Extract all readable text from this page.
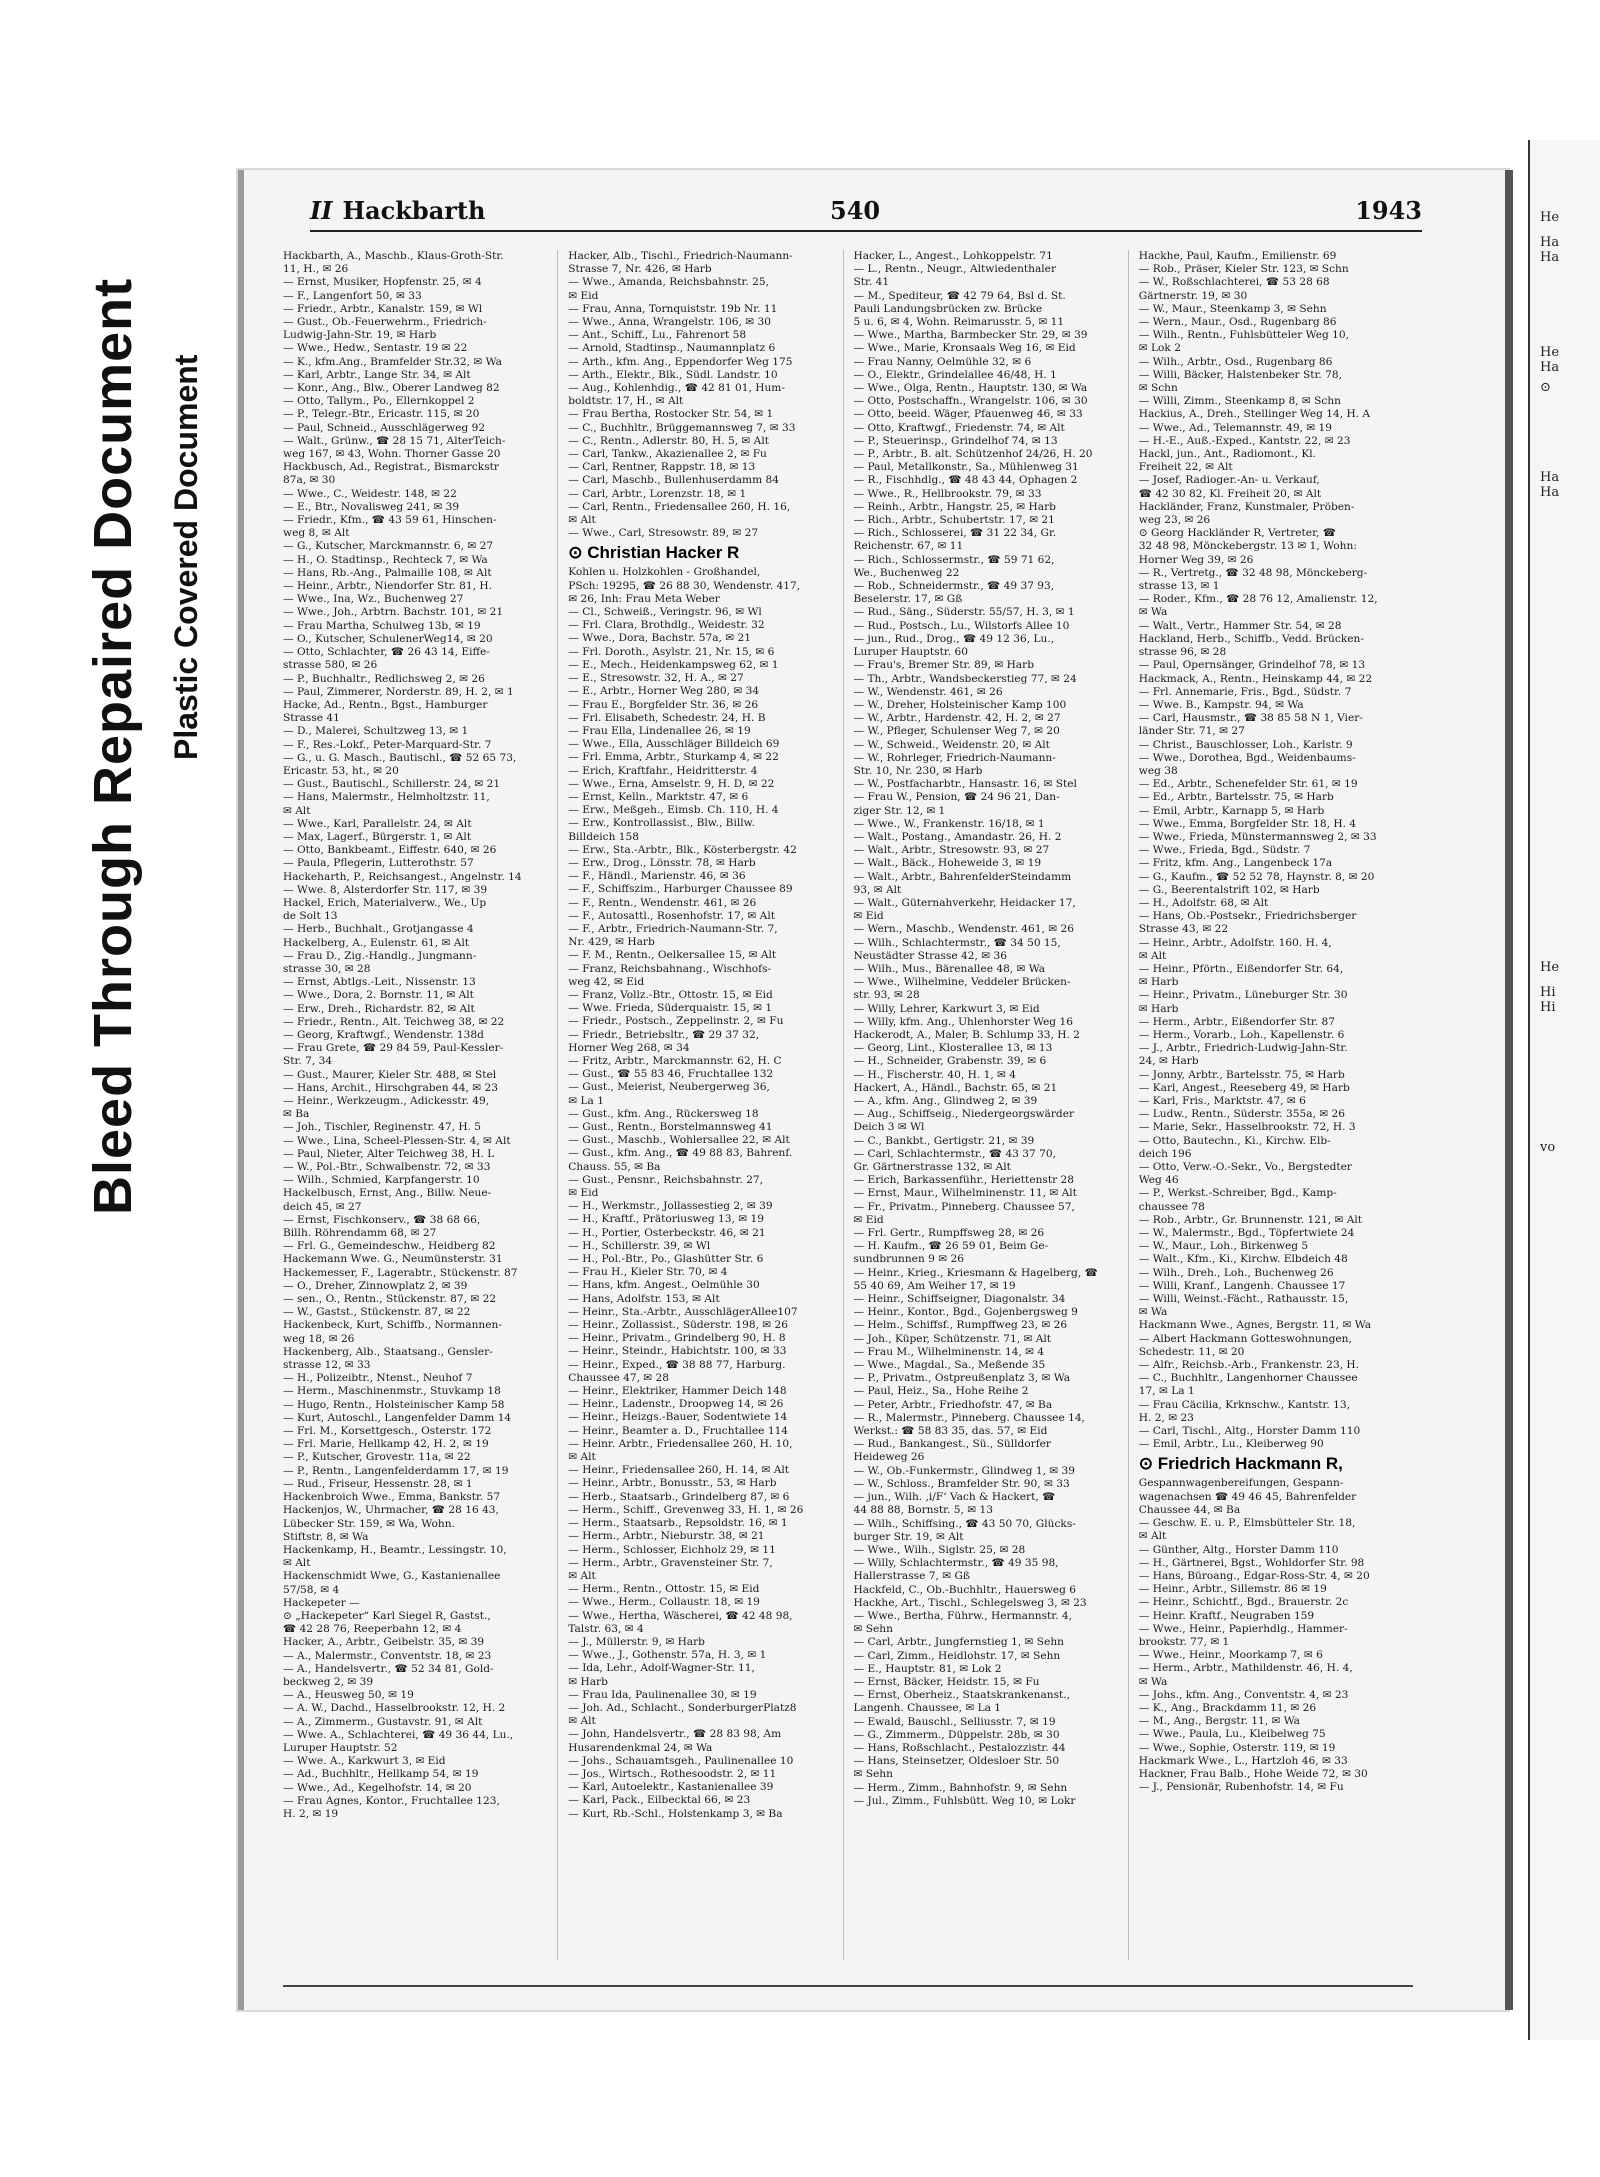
Bleed Through Repaired Document Plastic Covered Document
He
Ha
Ha
He
Ha
⊙
Ha
Ha
He
Hi
Hi
vo
II Hackbarth	540	1943
Hackbarth, A., Maschb., Klaus-Groth-Str.
11, H., ✉ 26
— Ernst, Musiker, Hopfenstr. 25, ✉ 4
— F., Langenfort 50, ✉ 33
— Friedr., Arbtr., Kanalstr. 159, ✉ Wl
— Gust., Ob.-Feuerwehrm., Friedrich-
Ludwig-Jahn-Str. 19, ✉ Harb
— Wwe., Hedw., Sentastr. 19 ✉ 22
— K., kfm.Ang., Bramfelder Str.32, ✉ Wa
— Karl, Arbtr., Lange Str. 34, ✉ Alt
— Konr., Ang., Blw., Oberer Landweg 82
— Otto, Tallym., Po., Ellernkoppel 2
— P., Telegr.-Btr., Ericastr. 115, ✉ 20
— Paul, Schneid., Ausschlägerweg 92
— Walt., Grünw., ☎ 28 15 71, AlterTeich-
weg 167, ✉ 43, Wohn. Thorner Gasse 20
Hackbusch, Ad., Registrat., Bismarckstr
87a, ✉ 30
— Wwe., C., Weidestr. 148, ✉ 22
— E., Btr., Novalisweg 241, ✉ 39
— Friedr., Kfm., ☎ 43 59 61, Hinschen-
weg 8, ✉ Alt
— G., Kutscher, Marckmannstr. 6, ✉ 27
— H., O. Stadtinsp., Rechteck 7, ✉ Wa
— Hans, Rb.-Ang., Palmaille 108, ✉ Alt
— Heinr., Arbtr., Niendorfer Str. 81, H.
— Wwe., Ina, Wz., Buchenweg 27
— Wwe., Joh., Arbtrn. Bachstr. 101, ✉ 21
— Frau Martha, Schulweg 13b, ✉ 19
— O., Kutscher, SchulenerWeg14, ✉ 20
— Otto, Schlachter, ☎ 26 43 14, Eiffe-
strasse 580, ✉ 26
— P., Buchhaltr., Redlichsweg 2, ✉ 26
— Paul, Zimmerer, Norderstr. 89, H. 2, ✉ 1
Hacke, Ad., Rentn., Bgst., Hamburger
Strasse 41
— D., Malerei, Schultzweg 13, ✉ 1
— F., Res.-Lokf., Peter-Marquard-Str. 7
— G., u. G. Masch., Bautischl., ☎ 52 65 73,
Ericastr. 53, ht., ✉ 20
— Gust., Bautischl., Schillerstr. 24, ✉ 21
— Hans, Malermstr., Helmholtzstr. 11,
✉ Alt
— Wwe., Karl, Parallelstr. 24, ✉ Alt
— Max, Lagerf., Bürgerstr. 1, ✉ Alt
— Otto, Bankbeamt., Eiffestr. 640, ✉ 26
— Paula, Pflegerin, Lutterothstr. 57
Hackeharth, P., Reichsangest., Angelnstr. 14
— Wwe. 8, Alsterdorfer Str. 117, ✉ 39
Hackel, Erich, Materialverw., We., Up
de Solt 13
— Herb., Buchhalt., Grotjangasse 4
Hackelberg, A., Eulenstr. 61, ✉ Alt
— Frau D., Zig.-Handlg., Jungmann-
strasse 30, ✉ 28
— Ernst, Abtlgs.-Leit., Nissenstr. 13
— Wwe., Dora, 2. Bornstr. 11, ✉ Alt
— Erw., Dreh., Richardstr. 82, ✉ Alt
— Friedr., Rentn., Alt. Teichweg 38, ✉ 22
— Georg, Kraftwgf., Wendenstr. 138d
— Frau Grete, ☎ 29 84 59, Paul-Kessler-
Str. 7, 34
— Gust., Maurer, Kieler Str. 488, ✉ Stel
— Hans, Archit., Hirschgraben 44, ✉ 23
— Heinr., Werkzeugm., Adickesstr. 49,
✉ Ba
— Joh., Tischler, Reginenstr. 47, H. 5
— Wwe., Lina, Scheel-Plessen-Str. 4, ✉ Alt
— Paul, Nieter, Alter Teichweg 38, H. L
— W., Pol.-Btr., Schwalbenstr. 72, ✉ 33
— Wilh., Schmied, Karpfangerstr. 10
Hackelbusch, Ernst, Ang., Billw. Neue-
deich 45, ✉ 27
— Ernst, Fischkonserv., ☎ 38 68 66,
Billh. Röhrendamm 68, ✉ 27
— Frl. G., Gemeindeschw., Heidberg 82
Hackemann Wwe. G., Neumünsterstr. 31
Hackemesser, F., Lagerabtr., Stückenstr. 87
— O., Dreher, Zinnowplatz 2, ✉ 39
— sen., O., Rentn., Stückenstr. 87, ✉ 22
— W., Gastst., Stückenstr. 87, ✉ 22
Hackenbeck, Kurt, Schiffb., Normannen-
weg 18, ✉ 26
Hackenberg, Alb., Staatsang., Gensler-
strasse 12, ✉ 33
— H., Polizeibtr., Ntenst., Neuhof 7
— Herm., Maschinenmstr., Stuvkamp 18
— Hugo, Rentn., Holsteinischer Kamp 58
— Kurt, Autoschl., Langenfelder Damm 14
— Frl. M., Korsettgesch., Osterstr. 172
— Frl. Marie, Hellkamp 42, H. 2, ✉ 19
— P., Kutscher, Grovestr. 11a, ✉ 22
— P., Rentn., Langenfelderdamm 17, ✉ 19
— Rud., Friseur, Hessenstr. 28, ✉ 1
Hackenbroich Wwe., Emma, Bankstr. 57
Hackenjos, W., Uhrmacher, ☎ 28 16 43,
Lübecker Str. 159, ✉ Wa, Wohn.
Stiftstr. 8, ✉ Wa
Hackenkamp, H., Beamtr., Lessingstr. 10,
✉ Alt
Hackenschmidt Wwe, G., Kastanienallee
57/58, ✉ 4
Hackepeter —
⊙ „Hackepeter“ Karl Siegel R, Gastst.,
☎ 42 28 76, Reeperbahn 12, ✉ 4
Hacker, A., Arbtr., Geibelstr. 35, ✉ 39
— A., Malermstr., Conventstr. 18, ✉ 23
— A., Handelsvertr., ☎ 52 34 81, Gold-
beckweg 2, ✉ 39
— A., Heusweg 50, ✉ 19
— A. W., Dachd., Hasselbrookstr. 12, H. 2
— A., Zimmerm., Gustavstr. 91, ✉ Alt
— Wwe. A., Schlachterei, ☎ 49 36 44, Lu.,
Luruper Hauptstr. 52
— Wwe. A., Karkwurt 3, ✉ Eid
— Ad., Buchhltr., Hellkamp 54, ✉ 19
— Wwe., Ad., Kegelhofstr. 14, ✉ 20
— Frau Agnes, Kontor., Fruchtallee 123,
H. 2, ✉ 19
Hacker, Alb., Tischl., Friedrich-Naumann-
Strasse 7, Nr. 426, ✉ Harb
— Wwe., Amanda, Reichsbahnstr. 25,
✉ Eid
— Frau, Anna, Tornquiststr. 19b Nr. 11
— Wwe., Anna, Wrangelstr. 106, ✉ 30
— Ant., Schiff., Lu., Fahrenort 58
— Arnold, Stadtinsp., Naumannplatz 6
— Arth., kfm. Ang., Eppendorfer Weg 175
— Arth., Elektr., Blk., Südl. Landstr. 10
— Aug., Kohlenhdig., ☎ 42 81 01, Hum-
boldtstr. 17, H., ✉ Alt
— Frau Bertha, Rostocker Str. 54, ✉ 1
— C., Buchhltr., Brüggemannsweg 7, ✉ 33
— C., Rentn., Adlerstr. 80, H. 5, ✉ Alt
— Carl, Tankw., Akazienallee 2, ✉ Fu
— Carl, Rentner, Rappstr. 18, ✉ 13
— Carl, Maschb., Bullenhuserdamm 84
— Carl, Arbtr., Lorenzstr. 18, ✉ 1
— Carl, Rentn., Friedensallee 260, H. 16,
✉ Alt
— Wwe., Carl, Stresowstr. 89, ✉ 27
⊙ Christian Hacker R
Kohlen u. Holzkohlen - Großhandel,
PSch: 19295, ☎ 26 88 30, Wendenstr. 417,
✉ 26, Inh: Frau Meta Weber
— Cl., Schweiß., Veringstr. 96, ✉ Wl
— Frl. Clara, Brothdlg., Weidestr. 32
— Wwe., Dora, Bachstr. 57a, ✉ 21
— Frl. Doroth., Asylstr. 21, Nr. 15, ✉ 6
— E., Mech., Heidenkampsweg 62, ✉ 1
— E., Stresowstr. 32, H. A., ✉ 27
— E., Arbtr., Horner Weg 280, ✉ 34
— Frau E., Borgfelder Str. 36, ✉ 26
— Frl. Elisabeth, Schedestr. 24, H. B
— Frau Ella, Lindenallee 26, ✉ 19
— Wwe., Ella, Ausschläger Billdeich 69
— Frl. Emma, Arbtr., Sturkamp 4, ✉ 22
— Erich, Kraftfahr., Heidritterstr. 4
— Wwe., Erna, Amselstr. 9, H. D, ✉ 22
— Ernst, Kelln., Marktstr. 47, ✉ 6
— Erw., Meßgeh., Eimsb. Ch. 110, H. 4
— Erw., Kontrollassist., Blw., Billw.
Billdeich 158
— Erw., Sta.-Arbtr., Blk., Kösterbergstr. 42
— Erw., Drog., Lönsstr. 78, ✉ Harb
— F., Händl., Marienstr. 46, ✉ 36
— F., Schiffszim., Harburger Chaussee 89
— F., Rentn., Wendenstr. 461, ✉ 26
— F., Autosattl., Rosenhofstr. 17, ✉ Alt
— F., Arbtr., Friedrich-Naumann-Str. 7,
Nr. 429, ✉ Harb
— F. M., Rentn., Oelkersallee 15, ✉ Alt
— Franz, Reichsbahnang., Wischhofs-
weg 42, ✉ Eid
— Franz, Vollz.-Btr., Ottostr. 15, ✉ Eid
— Wwe. Frieda, Süderquaistr. 15, ✉ 1
— Friedr., Postsch., Zeppelinstr. 2, ✉ Fu
— Friedr., Betriebsltr., ☎ 29 37 32,
Horner Weg 268, ✉ 34
— Fritz, Arbtr., Marckmannstr. 62, H. C
— Gust., ☎ 55 83 46, Fruchtallee 132
— Gust., Meierist, Neubergerweg 36,
✉ La 1
— Gust., kfm. Ang., Rückersweg 18
— Gust., Rentn., Borstelmannsweg 41
— Gust., Maschb., Wohlersallee 22, ✉ Alt
— Gust., kfm. Ang., ☎ 49 88 83, Bahrenf.
Chauss. 55, ✉ Ba
— Gust., Pensnr., Reichsbahnstr. 27,
✉ Eid
— H., Werkmstr., Jollassestieg 2, ✉ 39
— H., Kraftf., Prätoriusweg 13, ✉ 19
— H., Portier, Osterbeckstr. 46, ✉ 21
— H., Schillerstr. 39, ✉ Wl
— H., Pol.-Btr., Po., Glashütter Str. 6
— Frau H., Kieler Str. 70, ✉ 4
— Hans, kfm. Angest., Oelmühle 30
— Hans, Adolfstr. 153, ✉ Alt
— Heinr., Sta.-Arbtr., AusschlägerAllee107
— Heinr., Zollassist., Süderstr. 198, ✉ 26
— Heinr., Privatm., Grindelberg 90, H. 8
— Heinr., Steindr., Habichtstr. 100, ✉ 33
— Heinr., Exped., ☎ 38 88 77, Harburg.
Chaussee 47, ✉ 28
— Heinr., Elektriker, Hammer Deich 148
— Heinr., Ladenstr., Droopweg 14, ✉ 26
— Heinr., Heizgs.-Bauer, Sodentwiete 14
— Heinr., Beamter a. D., Fruchtallee 114
— Heinr. Arbtr., Friedensallee 260, H. 10,
✉ Alt
— Heinr., Friedensallee 260, H. 14, ✉ Alt
— Heinr., Arbtr., Bonusstr., 53, ✉ Harb
— Herb., Staatsarb., Grindelberg 87, ✉ 6
— Herm., Schiff., Grevenweg 33, H. 1, ✉ 26
— Herm., Staatsarb., Repsoldstr. 16, ✉ 1
— Herm., Arbtr., Nieburstr. 38, ✉ 21
— Herm., Schlosser, Eichholz 29, ✉ 11
— Herm., Arbtr., Gravensteiner Str. 7,
✉ Alt
— Herm., Rentn., Ottostr. 15, ✉ Eid
— Wwe., Herm., Collaustr. 18, ✉ 19
— Wwe., Hertha, Wäscherei, ☎ 42 48 98,
Talstr. 63, ✉ 4
— J., Müllerstr. 9, ✉ Harb
— Wwe., J., Gothenstr. 57a, H. 3, ✉ 1
— Ida, Lehr., Adolf-Wagner-Str. 11,
✉ Harb
— Frau Ida, Paulinenallee 30, ✉ 19
— Joh. Ad., Schlacht., SonderburgerPlatz8
✉ Alt
— John, Handelsvertr., ☎ 28 83 98, Am
Husarendenkmal 24, ✉ Wa
— Johs., Schauamtsgeh., Paulinenallee 10
— Jos., Wirtsch., Rothesoodstr. 2, ✉ 11
— Karl, Autoelektr., Kastanienallee 39
— Karl, Pack., Eilbecktal 66, ✉ 23
— Kurt, Rb.-Schl., Holstenkamp 3, ✉ Ba
Hacker, L., Angest., Lohkoppelstr. 71
— L., Rentn., Neugr., Altwiedenthaler
Str. 41
— M., Spediteur, ☎ 42 79 64, Bsl d. St.
Pauli Landungsbrücken zw. Brücke
5 u. 6, ✉ 4, Wohn. Reimarusstr. 5, ✉ 11
— Wwe., Martha, Barmbecker Str. 29, ✉ 39
— Wwe., Marie, Kronsaals Weg 16, ✉ Eid
— Frau Nanny, Oelmühle 32, ✉ 6
— O., Elektr., Grindelallee 46/48, H. 1
— Wwe., Olga, Rentn., Hauptstr. 130, ✉ Wa
— Otto, Postschaffn., Wrangelstr. 106, ✉ 30
— Otto, beeid. Wäger, Pfauenweg 46, ✉ 33
— Otto, Kraftwgf., Friedenstr. 74, ✉ Alt
— P., Steuerinsp., Grindelhof 74, ✉ 13
— P., Arbtr., B. alt. Schützenhof 24/26, H. 20
— Paul, Metallkonstr., Sa., Mühlenweg 31
— R., Fischhdlg., ☎ 48 43 44, Ophagen 2
— Wwe., R., Hellbrookstr. 79, ✉ 33
— Reinh., Arbtr., Hangstr. 25, ✉ Harb
— Rich., Arbtr., Schubertstr. 17, ✉ 21
— Rich., Schlosserei, ☎ 31 22 34, Gr.
Reichenstr. 67, ✉ 11
— Rich., Schlossermstr., ☎ 59 71 62,
We., Buchenweg 22
— Rob., Schneidermstr., ☎ 49 37 93,
Beselerstr. 17, ✉ Gß
— Rud., Säng., Süderstr. 55/57, H. 3, ✉ 1
— Rud., Postsch., Lu., Wilstorfs Allee 10
— jun., Rud., Drog., ☎ 49 12 36, Lu.,
Luruper Hauptstr. 60
— Frau's, Bremer Str. 89, ✉ Harb
— Th., Arbtr., Wandsbeckerstieg 77, ✉ 24
— W., Wendenstr. 461, ✉ 26
— W., Dreher, Holsteinischer Kamp 100
— W., Arbtr., Hardenstr. 42, H. 2, ✉ 27
— W., Pfleger, Schulenser Weg 7, ✉ 20
— W., Schweid., Weidenstr. 20, ✉ Alt
— W., Rohrleger, Friedrich-Naumann-
Str. 10, Nr. 230, ✉ Harb
— W., Postfacharbtr., Hansastr. 16, ✉ Stel
— Frau W., Pension, ☎ 24 96 21, Dan-
ziger Str. 12, ✉ 1
— Wwe., W., Frankenstr. 16/18, ✉ 1
— Walt., Postang., Amandastr. 26, H. 2
— Walt., Arbtr., Stresowstr. 93, ✉ 27
— Walt., Bäck., Hoheweide 3, ✉ 19
— Walt., Arbtr., BahrenfelderSteindamm
93, ✉ Alt
— Walt., Güternahverkehr, Heidacker 17,
✉ Eid
— Wern., Maschb., Wendenstr. 461, ✉ 26
— Wilh., Schlachtermstr., ☎ 34 50 15,
Neustädter Strasse 42, ✉ 36
— Wilh., Mus., Bärenallee 48, ✉ Wa
— Wwe., Wilhelmine, Veddeler Brücken-
str. 93, ✉ 28
— Willy, Lehrer, Karkwurt 3, ✉ Eid
— Willy, kfm. Ang., Uhlenhorster Weg 16
Hackerodt, A., Maler, B. Schlump 33, H. 2
— Georg, Lint., Klosterallee 13, ✉ 13
— H., Schneider, Grabenstr. 39, ✉ 6
— H., Fischerstr. 40, H. 1, ✉ 4
Hackert, A., Händl., Bachstr. 65, ✉ 21
— A., kfm. Ang., Glindweg 2, ✉ 39
— Aug., Schiffseig., Niedergeorgswärder
Deich 3 ✉ Wl
— C., Bankbt., Gertigstr. 21, ✉ 39
— Carl, Schlachtermstr., ☎ 43 37 70,
Gr. Gärtnerstrasse 132, ✉ Alt
— Erich, Barkassenführ., Heriettenstr 28
— Ernst, Maur., Wilhelminenstr. 11, ✉ Alt
— Fr., Privatm., Pinneberg. Chaussee 57,
✉ Eid
— Frl. Gertr., Rumpffsweg 28, ✉ 26
— H. Kaufm., ☎ 26 59 01, Beim Ge-
sundbrunnen 9 ✉ 26
— Heinr., Krieg., Kriesmann & Hagelberg, ☎
55 40 69, Am Weiher 17, ✉ 19
— Heinr., Schiffseigner, Diagonalstr. 34
— Heinr., Kontor., Bgd., Gojenbergsweg 9
— Helm., Schiffsf., Rumpffweg 23, ✉ 26
— Joh., Küper, Schützenstr. 71, ✉ Alt
— Frau M., Wilhelminenstr. 14, ✉ 4
— Wwe., Magdal., Sa., Meßende 35
— P., Privatm., Ostpreußenplatz 3, ✉ Wa
— Paul, Heiz., Sa., Hohe Reihe 2
— Peter, Arbtr., Friedhofstr. 47, ✉ Ba
— R., Malermstr., Pinneberg. Chaussee 14,
Werkst.: ☎ 58 83 35, das. 57, ✉ Eid
— Rud., Bankangest., Sü., Sülldorfer
Heideweg 26
— W., Ob.-Funkermstr., Glindweg 1, ✉ 39
— W., Schloss., Bramfelder Str. 90, ✉ 33
— jun., Wilh. ‚i/F‘ Vach & Hackert, ☎
44 88 88, Bornstr. 5, ✉ 13
— Wilh., Schiffsing., ☎ 43 50 70, Glücks-
burger Str. 19, ✉ Alt
— Wwe., Wilh., Siglstr. 25, ✉ 28
— Willy, Schlachtermstr., ☎ 49 35 98,
Hallerstrasse 7, ✉ Gß
Hackfeld, C., Ob.-Buchhltr., Hauersweg 6
Hackhe, Art., Tischl., Schlegelsweg 3, ✉ 23
— Wwe., Bertha, Führw., Hermannstr. 4,
✉ Sehn
— Carl, Arbtr., Jungfernstieg 1, ✉ Sehn
— Carl, Zimm., Heidlohstr. 17, ✉ Sehn
— E., Hauptstr. 81, ✉ Lok 2
— Ernst, Bäcker, Heidstr. 15, ✉ Fu
— Ernst, Oberheiz., Staatskrankenanst.,
Langenh. Chaussee, ✉ La 1
— Ewald, Bauschl., Selliusstr. 7, ✉ 19
— G., Zimmerm., Düppelstr. 28b, ✉ 30
— Hans, Roßschlacht., Pestalozzistr. 44
— Hans, Steinsetzer, Oldesloer Str. 50
✉ Sehn
— Herm., Zimm., Bahnhofstr. 9, ✉ Sehn
— Jul., Zimm., Fuhlsbütt. Weg 10, ✉ Lokr
Hackhe, Paul, Kaufm., Emilienstr. 69
— Rob., Präser, Kieler Str. 123, ✉ Schn
— W., Roßschlachterei, ☎ 53 28 68
Gärtnerstr. 19, ✉ 30
— W., Maur., Steenkamp 3, ✉ Sehn
— Wern., Maur., Osd., Rugenbarg 86
— Wilh., Rentn., Fuhlsbütteler Weg 10,
✉ Lok 2
— Wilh., Arbtr., Osd., Rugenbarg 86
— Willi, Bäcker, Halstenbeker Str. 78,
✉ Schn
— Willi, Zimm., Steenkamp 8, ✉ Schn
Hackius, A., Dreh., Stellinger Weg 14, H. A
— Wwe., Ad., Telemannstr. 49, ✉ 19
— H.-E., Auß.-Exped., Kantstr. 22, ✉ 23
Hackl, jun., Ant., Radiomont., Kl.
Freiheit 22, ✉ Alt
— Josef, Radioger.-An- u. Verkauf,
☎ 42 30 82, Kl. Freiheit 20, ✉ Alt
Hackländer, Franz, Kunstmaler, Pröben-
weg 23, ✉ 26
⊙ Georg Hackländer R, Vertreter, ☎
32 48 98, Mönckebergstr. 13 ✉ 1, Wohn:
Horner Weg 39, ✉ 26
— R., Vertretg., ☎ 32 48 98, Mönckeberg-
strasse 13, ✉ 1
— Roder., Kfm., ☎ 28 76 12, Amalienstr. 12,
✉ Wa
— Walt., Vertr., Hammer Str. 54, ✉ 28
Hackland, Herb., Schiffb., Vedd. Brücken-
strasse 96, ✉ 28
— Paul, Opernsänger, Grindelhof 78, ✉ 13
Hackmack, A., Rentn., Heinskamp 44, ✉ 22
— Frl. Annemarie, Fris., Bgd., Südstr. 7
— Wwe. B., Kampstr. 94, ✉ Wa
— Carl, Hausmstr., ☎ 38 85 58 N 1, Vier-
länder Str. 71, ✉ 27
— Christ., Bauschlosser, Loh., Karlstr. 9
— Wwe., Dorothea, Bgd., Weidenbaums-
weg 38
— Ed., Arbtr., Schenefelder Str. 61, ✉ 19
— Ed., Arbtr., Bartelsstr. 75, ✉ Harb
— Emil, Arbtr., Karnapp 5, ✉ Harb
— Wwe., Emma, Borgfelder Str. 18, H. 4
— Wwe., Frieda, Münstermannsweg 2, ✉ 33
— Wwe., Frieda, Bgd., Südstr. 7
— Fritz, kfm. Ang., Langenbeck 17a
— G., Kaufm., ☎ 52 52 78, Haynstr. 8, ✉ 20
— G., Beerentalstrift 102, ✉ Harb
— H., Adolfstr. 68, ✉ Alt
— Hans, Ob.-Postsekr., Friedrichsberger
Strasse 43, ✉ 22
— Heinr., Arbtr., Adolfstr. 160. H. 4,
✉ Alt
— Heinr., Pförtn., Eißendorfer Str. 64,
✉ Harb
— Heinr., Privatm., Lüneburger Str. 30
✉ Harb
— Herm., Arbtr., Eißendorfer Str. 87
— Herm., Vorarb., Loh., Kapellenstr. 6
— J., Arbtr., Friedrich-Ludwig-Jahn-Str.
24, ✉ Harb
— Jonny, Arbtr., Bartelsstr. 75, ✉ Harb
— Karl, Angest., Reeseberg 49, ✉ Harb
— Karl, Fris., Marktstr. 47, ✉ 6
— Ludw., Rentn., Süderstr. 355a, ✉ 26
— Marie, Sekr., Hasselbrookstr. 72, H. 3
— Otto, Bautechn., Ki., Kirchw. Elb-
deich 196
— Otto, Verw.-O.-Sekr., Vo., Bergstedter
Weg 46
— P., Werkst.-Schreiber, Bgd., Kamp-
chaussee 78
— Rob., Arbtr., Gr. Brunnenstr. 121, ✉ Alt
— W., Malermstr., Bgd., Töpfertwiete 24
— W., Maur., Loh., Birkenweg 5
— Walt., Kfm., Ki., Kirchw. Elbdeich 48
— Wilh., Dreh., Loh., Buchenweg 26
— Willi, Kranf., Langenh. Chaussee 17
— Willi, Weinst.-Fächt., Rathausstr. 15,
✉ Wa
Hackmann Wwe., Agnes, Bergstr. 11, ✉ Wa
— Albert Hackmann Gotteswohnungen,
Schedestr. 11, ✉ 20
— Alfr., Reichsb.-Arb., Frankenstr. 23, H.
— C., Buchhltr., Langenhorner Chaussee
17, ✉ La 1
— Frau Cäcilia, Krknschw., Kantstr. 13,
H. 2, ✉ 23
— Carl, Tischl., Altg., Horster Damm 110
— Emil, Arbtr., Lu., Kleiberweg 90
⊙ Friedrich Hackmann R,
Gespannwagenbereifungen, Gespann-
wagenachsen ☎ 49 46 45, Bahrenfelder
Chaussee 44, ✉ Ba
— Geschw. E. u. P., Elmsbütteler Str. 18,
✉ Alt
— Günther, Altg., Horster Damm 110
— H., Gärtnerei, Bgst., Wohldorfer Str. 98
— Hans, Büroang., Edgar-Ross-Str. 4, ✉ 20
— Heinr., Arbtr., Sillemstr. 86 ✉ 19
— Heinr., Schichtf., Bgd., Brauerstr. 2c
— Heinr. Kraftf., Neugraben 159
— Wwe., Heinr., Papierhdlg., Hammer-
brookstr. 77, ✉ 1
— Wwe., Heinr., Moorkamp 7, ✉ 6
— Herm., Arbtr., Mathildenstr. 46, H. 4,
✉ Wa
— Johs., kfm. Ang., Conventstr. 4, ✉ 23
— K., Ang., Brackdamm 11, ✉ 26
— M., Ang., Bergstr. 11, ✉ Wa
— Wwe., Paula, Lu., Kleibelweg 75
— Wwe., Sophie, Osterstr. 119, ✉ 19
Hackmark Wwe., L., Hartzloh 46, ✉ 33
Hackner, Frau Balb., Hohe Weide 72, ✉ 30
— J., Pensionär, Rubenhofstr. 14, ✉ Fu
